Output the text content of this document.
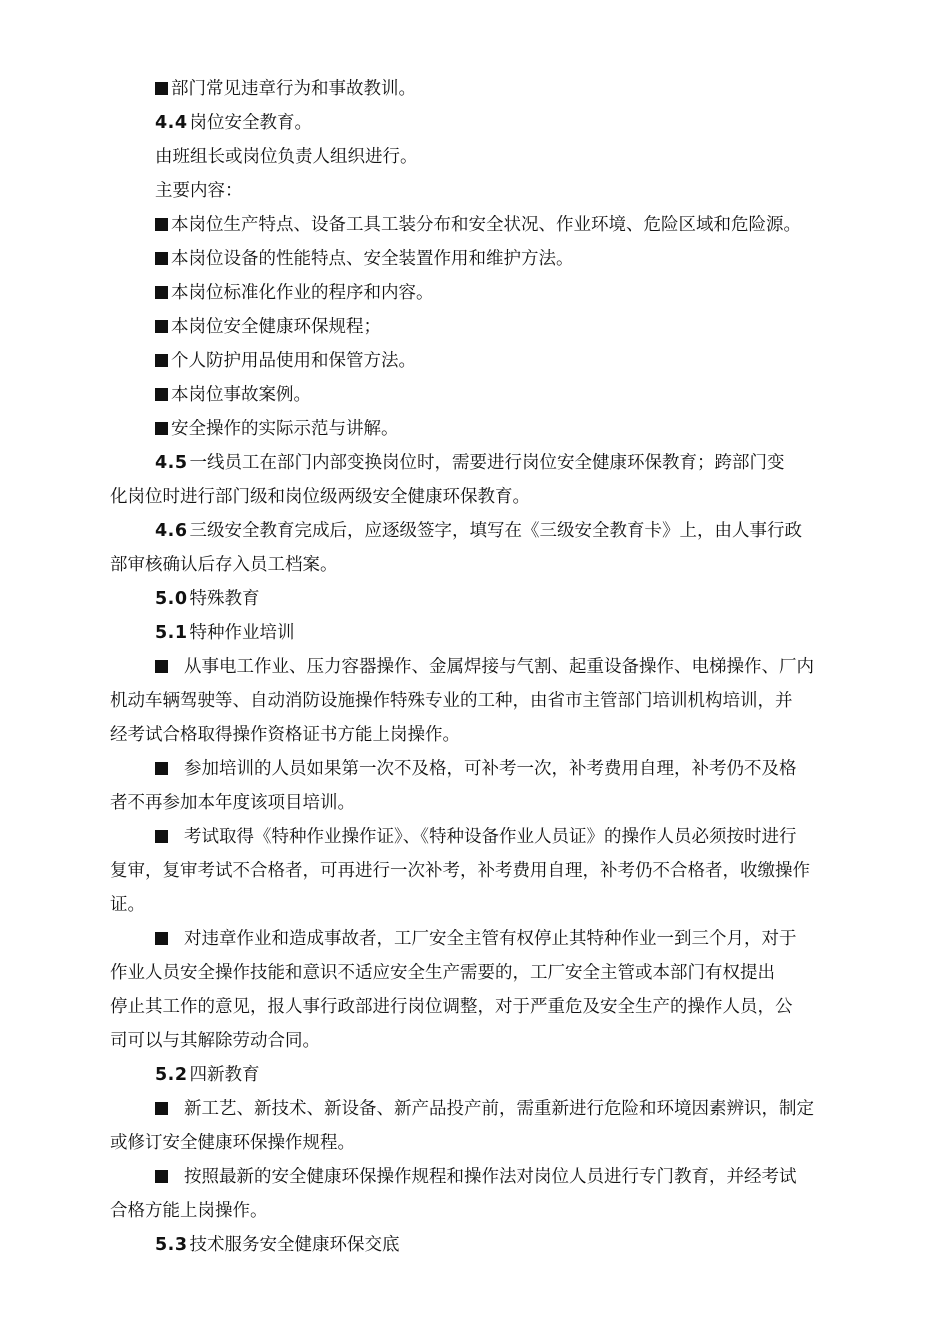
部门常见违章行为和事故教训。

4.4 岗位安全教育。

由班组长或岗位负责人组织进行。

主要内容：

本岗位生产特点、设备工具工装分布和安全状况、作业环境、危险区域和危险源。

本岗位设备的性能特点、安全装置作用和维护方法。

本岗位标准化作业的程序和内容。

本岗位安全健康环保规程；

个人防护用品使用和保管方法。

本岗位事故案例。

安全操作的实际示范与讲解。

4.5 一线员工在部门内部变换岗位时，需要进行岗位安全健康环保教育；跨部门变

化岗位时进行部门级和岗位级两级安全健康环保教育。

4.6 三级安全教育完成后，应逐级签字，填写在《三级安全教育卡》上，由人事行政

部审核确认后存入员工档案。

5.0 特殊教育

5.1 特种作业培训

从事电工作业、压力容器操作、金属焊接与气割、起重设备操作、电梯操作、厂内

机动车辆驾驶等、自动消防设施操作特殊专业的工种，由省市主管部门培训机构培训，并

经考试合格取得操作资格证书方能上岗操作。

参加培训的人员如果第一次不及格，可补考一次，补考费用自理，补考仍不及格

者不再参加本年度该项目培训。

考试取得《特种作业操作证》、《特种设备作业人员证》的操作人员必须按时进行

复审，复审考试不合格者，可再进行一次补考，补考费用自理，补考仍不合格者，收缴操作

证。

对违章作业和造成事故者，工厂安全主管有权停止其特种作业一到三个月，对于

作业人员安全操作技能和意识不适应安全生产需要的，工厂安全主管或本部门有权提出

停止其工作的意见，报人事行政部进行岗位调整，对于严重危及安全生产的操作人员，公

司可以与其解除劳动合同。

5.2 四新教育

新工艺、新技术、新设备、新产品投产前，需重新进行危险和环境因素辨识，制定

或修订安全健康环保操作规程。

按照最新的安全健康环保操作规程和操作法对岗位人员进行专门教育，并经考试

合格方能上岗操作。

5.3 技术服务安全健康环保交底
